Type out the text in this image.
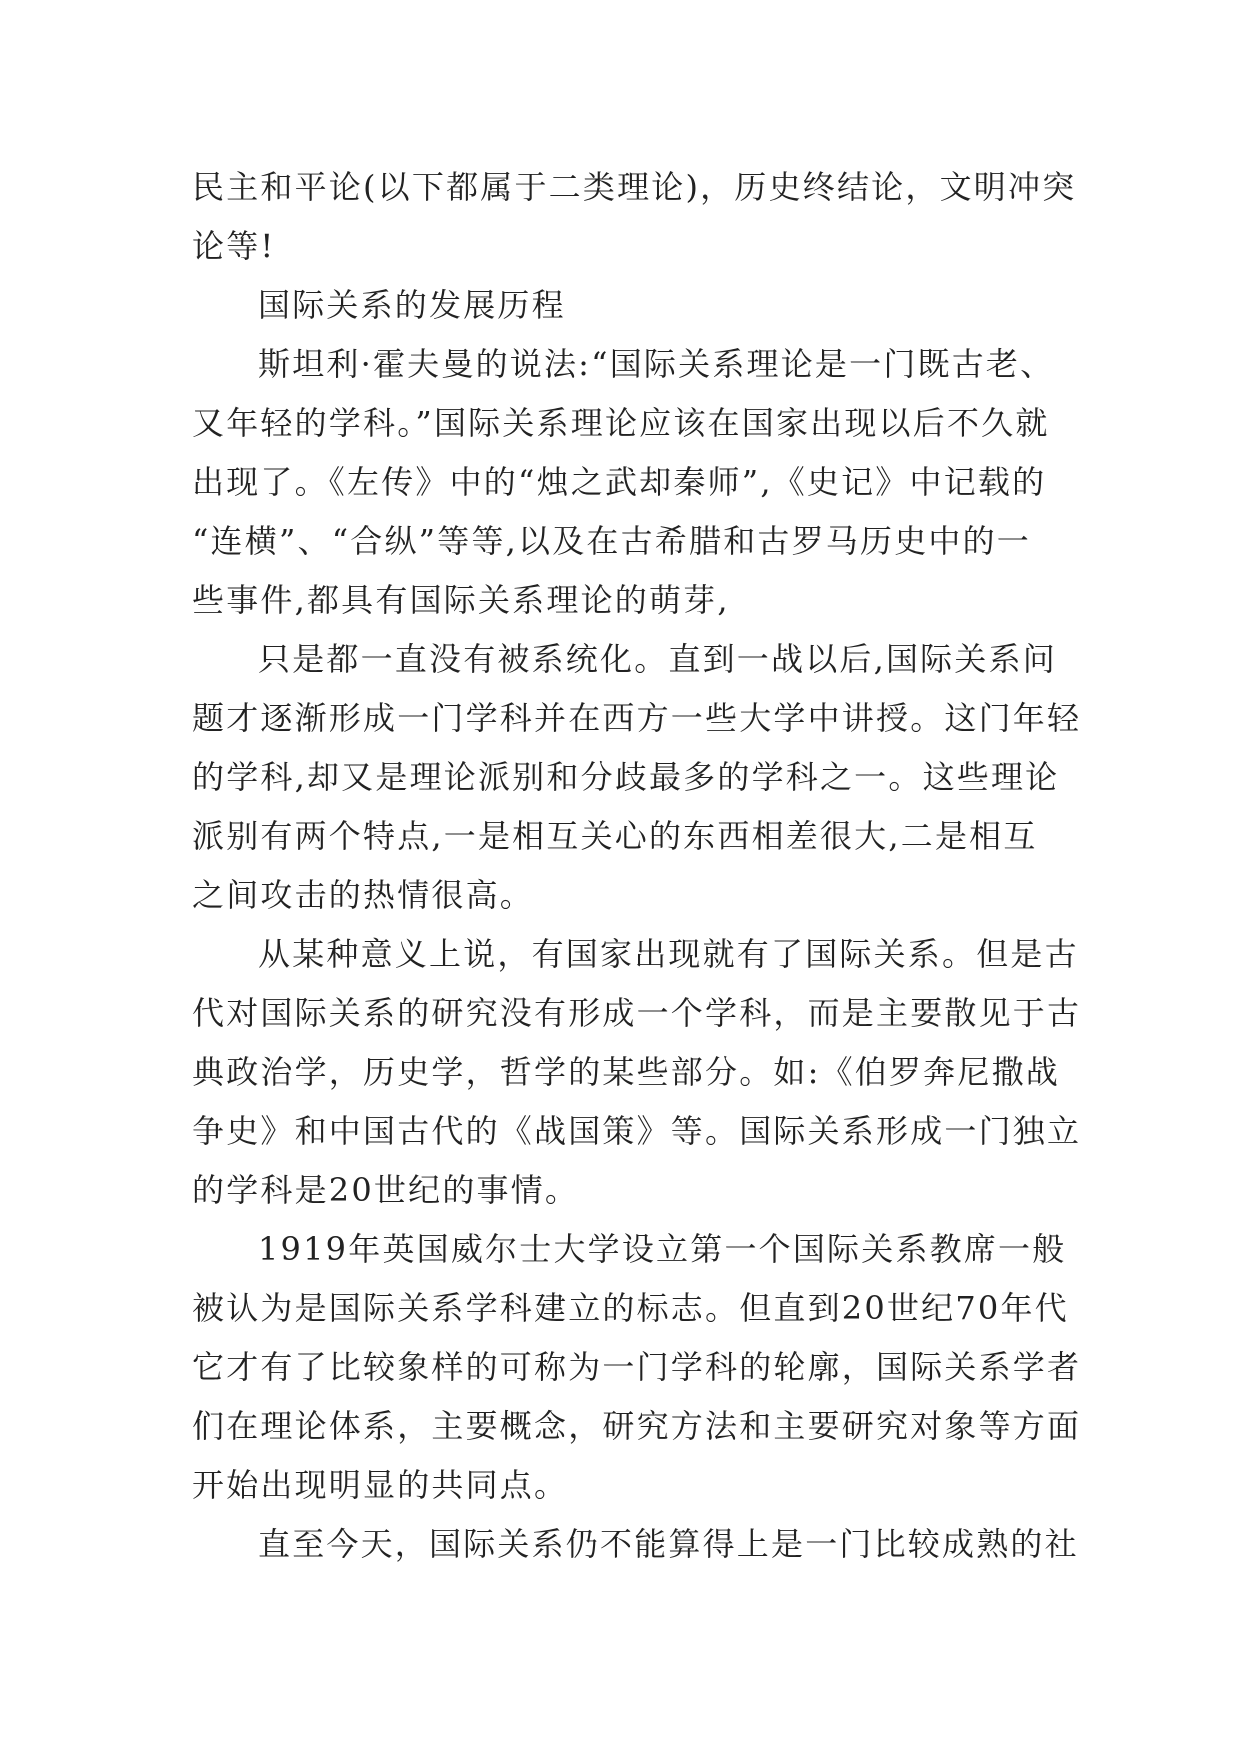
民主和平论(以下都属于二类理论)，历史终结论，文明冲突
论等!
国际关系的发展历程
斯坦利·霍夫曼的说法:“国际关系理论是一门既古老、
又年轻的学科。”国际关系理论应该在国家出现以后不久就
出现了。《左传》中的“烛之武却秦师”,《史记》中记载的
“连横”、“合纵”等等,以及在古希腊和古罗马历史中的一
些事件,都具有国际关系理论的萌芽,
只是都一直没有被系统化。直到一战以后,国际关系问
题才逐渐形成一门学科并在西方一些大学中讲授。这门年轻
的学科,却又是理论派别和分歧最多的学科之一。这些理论
派别有两个特点,一是相互关心的东西相差很大,二是相互
之间攻击的热情很高。
从某种意义上说，有国家出现就有了国际关系。但是古
代对国际关系的研究没有形成一个学科，而是主要散见于古
典政治学，历史学，哲学的某些部分。如:《伯罗奔尼撒战
争史》和中国古代的《战国策》等。国际关系形成一门独立
的学科是20世纪的事情。
1919年英国威尔士大学设立第一个国际关系教席一般
被认为是国际关系学科建立的标志。但直到20世纪70年代
它才有了比较象样的可称为一门学科的轮廓，国际关系学者
们在理论体系，主要概念，研究方法和主要研究对象等方面
开始出现明显的共同点。
直至今天，国际关系仍不能算得上是一门比较成熟的社
